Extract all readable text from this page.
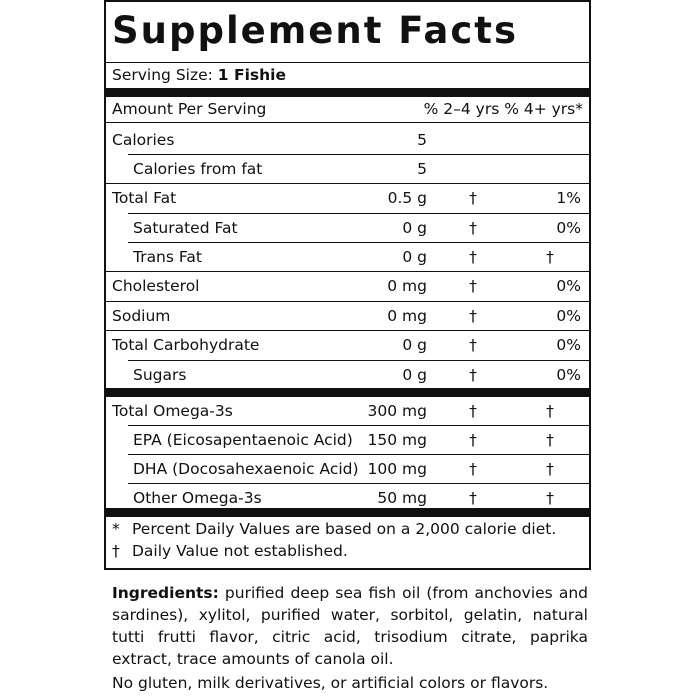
Supplement Facts
Serving Size: 1 Fishie
Amount Per Serving	% 2–4 yrs % 4+ yrs*
* Percent Daily Values are based on a 2,000 calorie diet.
† Daily Value not established.
Calories	5
Calories from fat	5
Total Fat	0.5 g	†	1%
Saturated Fat	0 g	†	0%
Trans Fat	0 g	†	†
Cholesterol	0 mg	†	0%
Sodium	0 mg	†	0%
Total Carbohydrate	0 g	†	0%
Sugars	0 g	†	0%
Total Omega-3s	300 mg	†	†
EPA (Eicosapentaenoic Acid) 150 mg	†	†
DHA (Docosahexaenoic Acid) 100 mg	†	†
Other Omega-3s	50 mg	†	†
Ingredients: purified deep sea fish oil (from anchovies and sardines), xylitol, purified water, sorbitol, gelatin, natural tutti frutti flavor, citric acid, trisodium citrate, paprika extract, trace amounts of canola oil.
No gluten, milk derivatives, or artificial colors or flavors.
